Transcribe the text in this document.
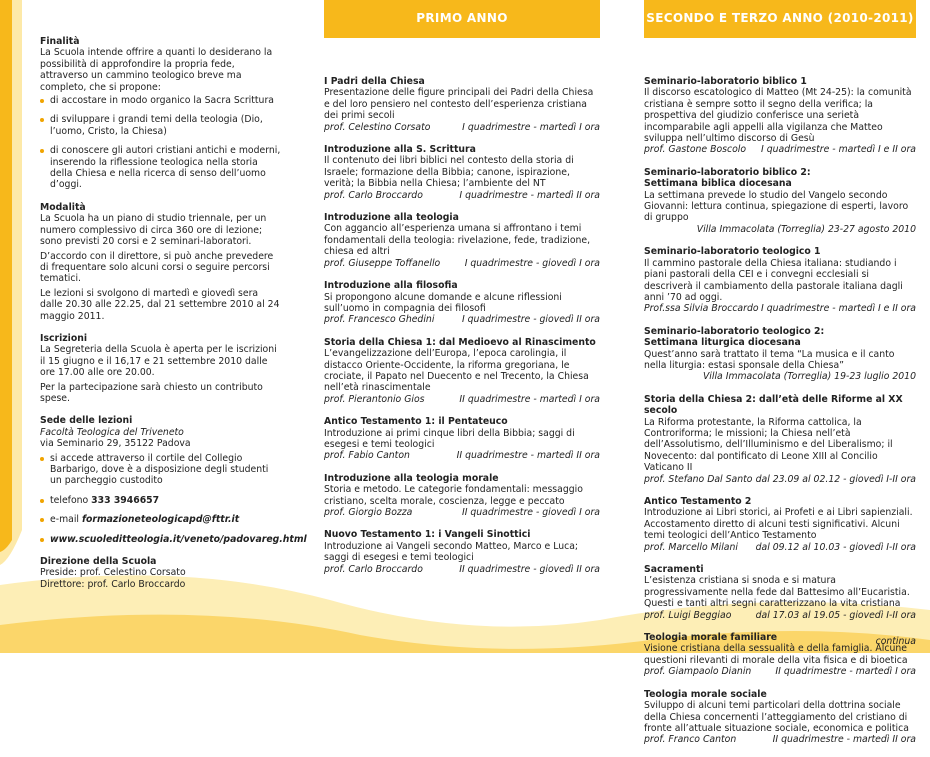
Finalità

La Scuola intende offrire a quanti lo desiderano la possibilità di approfondire la propria fede, attraverso un cammino teologico breve ma completo, che si propone:

di accostare in modo organico la Sacra Scrittura
di sviluppare i grandi temi della teologia (Dio, l’uomo, Cristo, la Chiesa)
di conoscere gli autori cristiani antichi e moderni, inserendo la riflessione teologica nella storia della Chiesa e nella ricerca di senso dell’uomo d’oggi.
Modalità

La Scuola ha un piano di studio triennale, per un numero complessivo di circa 360 ore di lezione; sono previsti 20 corsi e 2 seminari-laboratori.

D’accordo con il direttore, si può anche prevedere di frequentare solo alcuni corsi o seguire percorsi tematici.

Le lezioni si svolgono di martedì e giovedì sera dalle 20.30 alle 22.25, dal 21 settembre 2010 al 24 maggio 2011.

Iscrizioni

La Segreteria della Scuola è aperta per le iscrizioni il 15 giugno e il 16,17 e 21 settembre 2010 dalle ore 17.00 alle ore 20.00.

Per la partecipazione sarà chiesto un contributo spese.

Sede delle lezioni

Facoltà Teologica del Triveneto

via Seminario 29, 35122 Padova

si accede attraverso il cortile del Collegio Barbarigo, dove è a disposizione degli studenti un parcheggio custodito
telefono 333 3946657
e-mail formazioneteologicapd@fttr.it
www.scuoleditteologia.it/veneto/padovareg.html
Direzione della Scuola

Preside: prof. Celestino Corsato

Direttore: prof. Carlo Broccardo

PRIMO ANNO
I Padri della Chiesa

Presentazione delle figure principali dei Padri della Chiesa e del loro pensiero nel contesto dell’esperienza cristiana dei primi secoli

prof. Celestino Corsato	I quadrimestre - martedì I ora
Introduzione alla S. Scrittura

Il contenuto dei libri biblici nel contesto della storia di Israele; formazione della Bibbia; canone, ispirazione, verità; la Bibbia nella Chiesa; l’ambiente del NT

prof. Carlo Broccardo	I quadrimestre - martedì II ora
Introduzione alla teologia

Con aggancio all’esperienza umana si affrontano i temi fondamentali della teologia: rivelazione, fede, tradizione, chiesa ed altri

prof. Giuseppe Toffanello	I quadrimestre - giovedì I ora
Introduzione alla filosofia

Si propongono alcune domande e alcune riflessioni sull’uomo in compagnia dei filosofi

prof. Francesco Ghedini	I quadrimestre - giovedì II ora
Storia della Chiesa 1: dal Medioevo al Rinascimento

L’evangelizzazione dell’Europa, l’epoca carolingia, il distacco Oriente-Occidente, la riforma gregoriana, le crociate, il Papato nel Duecento e nel Trecento, la Chiesa nell’età rinascimentale

prof. Pierantonio Gios	II quadrimestre - martedì I ora
Antico Testamento 1: il Pentateuco

Introduzione ai primi cinque libri della Bibbia; saggi di esegesi e temi teologici

prof. Fabio Canton	II quadrimestre - martedì II ora
Introduzione alla teologia morale

Storia e metodo. Le categorie fondamentali: messaggio cristiano, scelta morale, coscienza, legge e peccato

prof. Giorgio Bozza	II quadrimestre - giovedì I ora
Nuovo Testamento 1: i Vangeli Sinottici

Introduzione ai Vangeli secondo Matteo, Marco e Luca; saggi di esegesi e temi teologici

prof. Carlo Broccardo	II quadrimestre - giovedì II ora
SECONDO E TERZO ANNO (2010-2011)
Seminario-laboratorio biblico 1

Il discorso escatologico di Matteo (Mt 24-25): la comunità cristiana è sempre sotto il segno della verifica; la prospettiva del giudizio conferisce una serietà incomparabile agli appelli alla vigilanza che Matteo sviluppa nell’ultimo discorso di Gesù

prof. Gastone Boscolo I quadrimestre - martedì I e II ora
Seminario-laboratorio biblico 2:
Settimana biblica diocesana

La settimana prevede lo studio del Vangelo secondo Giovanni: lettura continua, spiegazione di esperti, lavoro di gruppo

Villa Immacolata (Torreglia) 23-27 agosto 2010
Seminario-laboratorio teologico 1

Il cammino pastorale della Chiesa italiana: studiando i piani pastorali della CEI e i convegni ecclesiali si descriverà il cambiamento della pastorale italiana dagli anni ’70 ad oggi.

Prof.ssa Silvia Broccardo I quadrimestre - martedì I e II ora
Seminario-laboratorio teologico 2:
Settimana liturgica diocesana

Quest’anno sarà trattato il tema “La musica e il canto nella liturgia: estasi sponsale della Chiesa”

Villa Immacolata (Torreglia) 19-23 luglio 2010
Storia della Chiesa 2: dall’età delle Riforme al XX secolo

La Riforma protestante, la Riforma cattolica, la Controriforma; le missioni; la Chiesa nell’età dell’Assolutismo, dell’Illuminismo e del Liberalismo; il Novecento: dal pontificato di Leone XIII al Concilio Vaticano II

prof. Stefano Dal Santo dal 23.09 al 02.12 - giovedì I-II ora
Antico Testamento 2

Introduzione ai Libri storici, ai Profeti e ai Libri sapienziali. Accostamento diretto di alcuni testi significativi. Alcuni temi teologici dell’Antico Testamento

prof. Marcello Milani dal 09.12 al 10.03 - giovedì I-II ora
Sacramenti

L’esistenza cristiana si snoda e si matura progressivamente nella fede dal Battesimo all’Eucaristia. Questi e tanti altri segni caratterizzano la vita cristiana

prof. Luigi Beggiao	dal 17.03 al 19.05 - giovedì I-II ora
Teologia morale familiare

Visione cristiana della sessualità e della famiglia. Alcune questioni rilevanti di morale della vita fisica e di bioetica

prof. Giampaolo Dianin	II quadrimestre - martedì I ora
Teologia morale sociale

Sviluppo di alcuni temi particolari della dottrina sociale della Chiesa concernenti l’atteggiamento del cristiano di fronte all’attuale situazione sociale, economica e politica

prof. Franco Canton	II quadrimestre - martedì II ora
continua
